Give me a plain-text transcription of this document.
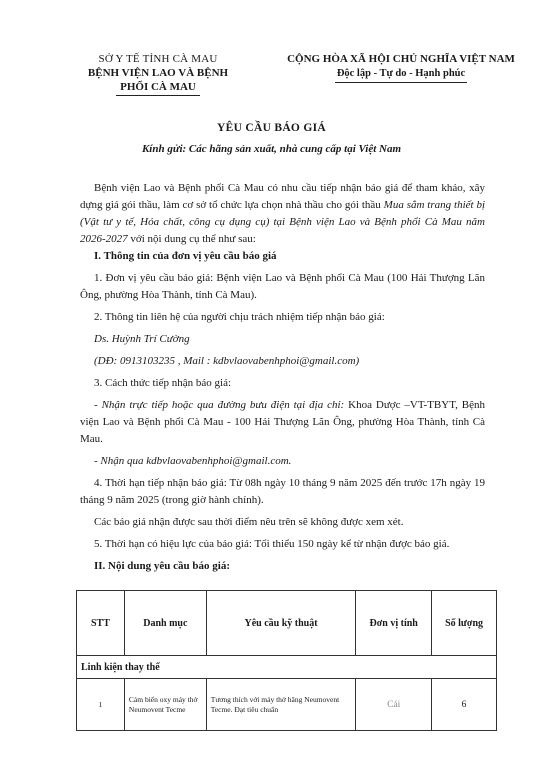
SỞ Y TẾ TỈNH CÀ MAU
BỆNH VIỆN LAO VÀ BỆNH
PHỔI CÀ MAU
CỘNG HÒA XÃ HỘI CHỦ NGHĨA VIỆT NAM
Độc lập - Tự do - Hạnh phúc
YÊU CẦU BÁO GIÁ
Kính gửi: Các hãng sản xuất, nhà cung cấp tại Việt Nam

Bệnh viện Lao và Bệnh phổi Cà Mau có nhu cầu tiếp nhận báo giá để tham khảo, xây dựng giá gói thầu, làm cơ sở tổ chức lựa chọn nhà thầu cho gói thầu Mua sắm trang thiết bị (Vật tư y tế, Hóa chất, công cụ dụng cụ) tại Bệnh viện Lao và Bệnh phổi Cà Mau năm 2026-2027 với nội dung cụ thể như sau:

I. Thông tin của đơn vị yêu cầu báo giá

1. Đơn vị yêu cầu báo giá: Bệnh viện Lao và Bệnh phổi Cà Mau (100 Hải Thượng Lãn Ông, phường Hòa Thành, tỉnh Cà Mau).

2. Thông tin liên hệ của người chịu trách nhiệm tiếp nhận báo giá:

Ds. Huỳnh Trí Cường

(DĐ: 0913103235 , Mail : kdbvlaovabenhphoi@gmail.com)

3. Cách thức tiếp nhận báo giá:

- Nhận trực tiếp hoặc qua đường bưu điện tại địa chỉ: Khoa Dược –VT-TBYT, Bệnh viện Lao và Bệnh phổi Cà Mau - 100 Hải Thượng Lãn Ông, phường Hòa Thành, tỉnh Cà Mau.

- Nhận qua kdbvlaovabenhphoi@gmail.com.

4. Thời hạn tiếp nhận báo giá: Từ 08h ngày 10 tháng 9 năm 2025 đến trước 17h ngày 19 tháng 9 năm 2025 (trong giờ hành chính).

Các báo giá nhận được sau thời điểm nêu trên sẽ không được xem xét.

5. Thời hạn có hiệu lực của báo giá: Tối thiểu 150 ngày kể từ nhận được báo giá.

II. Nội dung yêu cầu báo giá:

STT	Danh mục	Yêu cầu kỹ thuật	Đơn vị tính	Số lượng
Linh kiện thay thế				
1	Cảm biến oxy máy thở Neumovent Tecme	Tương thích với máy thở hãng Neumovent Tecme. Đạt tiêu chuẩn	Cái	6
